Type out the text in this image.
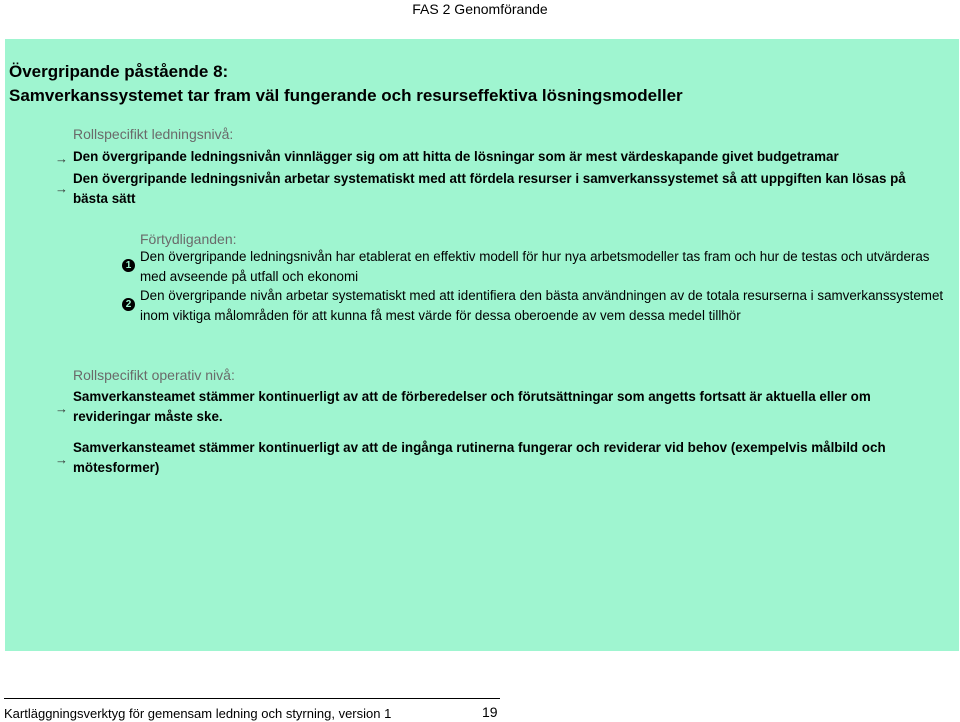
FAS 2 Genomförande
Övergripande påstående 8:
Samverkanssystemet tar fram väl fungerande och resurseffektiva lösningsmodeller
Rollspecifikt ledningsnivå:
→ Den övergripande ledningsnivån vinnlägger sig om att hitta de lösningar som är mest värdeskapande givet budgetramar
→
Den övergripande ledningsnivån arbetar systematiskt med att fördela resurser i samverkanssystemet så att uppgiften kan lösas på bästa sätt
Förtydliganden:
1
Den övergripande ledningsnivån har etablerat en effektiv modell för hur nya arbetsmodeller tas fram och hur de testas och utvärderas med avseende på utfall och ekonomi
2
Den övergripande nivån arbetar systematiskt med att identifiera den bästa användningen av de totala resurserna i samverkanssystemet inom viktiga målområden för att kunna få mest värde för dessa oberoende av vem dessa medel tillhör
Rollspecifikt operativ nivå:
→
Samverkansteamet stämmer kontinuerligt av att de förberedelser och förutsättningar som angetts fortsatt är aktuella eller om revideringar måste ske.
→
Samverkansteamet stämmer kontinuerligt av att de ingånga rutinerna fungerar och reviderar vid behov (exempelvis målbild och mötesformer)
Kartläggningsverktyg för gemensam ledning och styrning, version 1	19
